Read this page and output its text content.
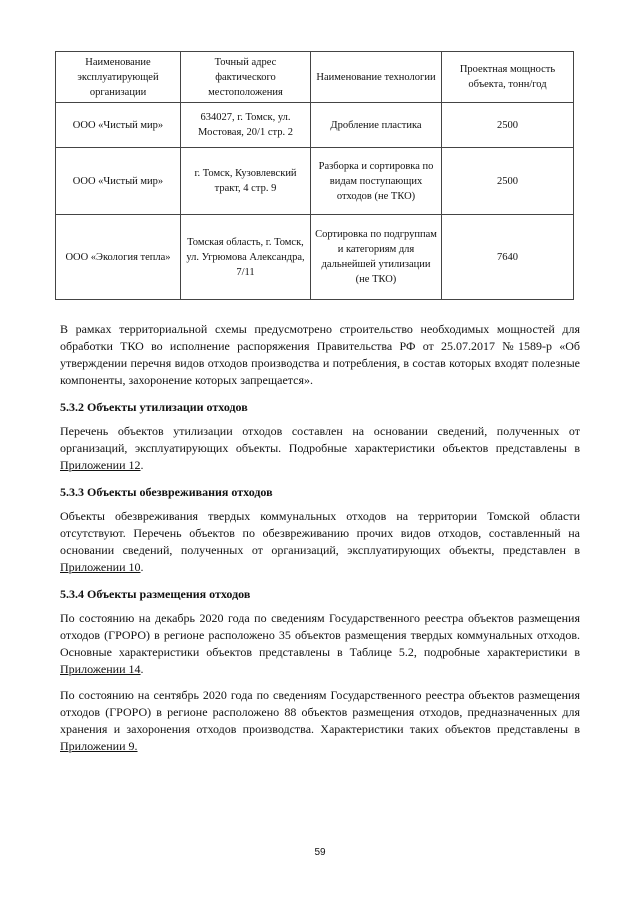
Наименование эксплуатирующей организации	Точный адрес фактического местоположения	Наименование технологии	Проектная мощность объекта, тонн/год
ООО «Чистый мир»	634027, г. Томск, ул. Мостовая, 20/1 стр. 2	Дробление пластика	2500
ООО «Чистый мир»	г. Томск, Кузовлевский тракт, 4 стр. 9	Разборка и сортировка по видам поступающих отходов (не ТКО)	2500
ООО «Экология тепла»	Томская область, г. Томск, ул. Угрюмова Александра, 7/11	Сортировка по подгруппам и категориям для дальнейшей утилизации (не ТКО)	7640

В рамках территориальной схемы предусмотрено строительство необходимых мощностей для обработки ТКО во исполнение распоряжения Правительства РФ от 25.07.2017 №1589-р «Об утверждении перечня видов отходов производства и потребления, в состав которых входят полезные компоненты, захоронение которых запрещается».

5.3.2 Объекты утилизации отходов

Перечень объектов утилизации отходов составлен на основании сведений, полученных от организаций, эксплуатирующих объекты. Подробные характеристики объектов представлены в Приложении 12.

5.3.3 Объекты обезвреживания отходов

Объекты обезвреживания твердых коммунальных отходов на территории Томской области отсутствуют. Перечень объектов по обезвреживанию прочих видов отходов, составленный на основании сведений, полученных от организаций, эксплуатирующих объекты, представлен в Приложении 10.

5.3.4 Объекты размещения отходов

По состоянию на декабрь 2020 года по сведениям Государственного реестра объектов размещения отходов (ГРОРО) в регионе расположено 35 объектов размещения твердых коммунальных отходов. Основные характеристики объектов представлены в Таблице 5.2, подробные характеристики в Приложении 14.

По состоянию на сентябрь 2020 года по сведениям Государственного реестра объектов размещения отходов (ГРОРО) в регионе расположено 88 объектов размещения отходов, предназначенных для хранения и захоронения отходов производства. Характеристики таких объектов представлены в Приложении 9.

59
